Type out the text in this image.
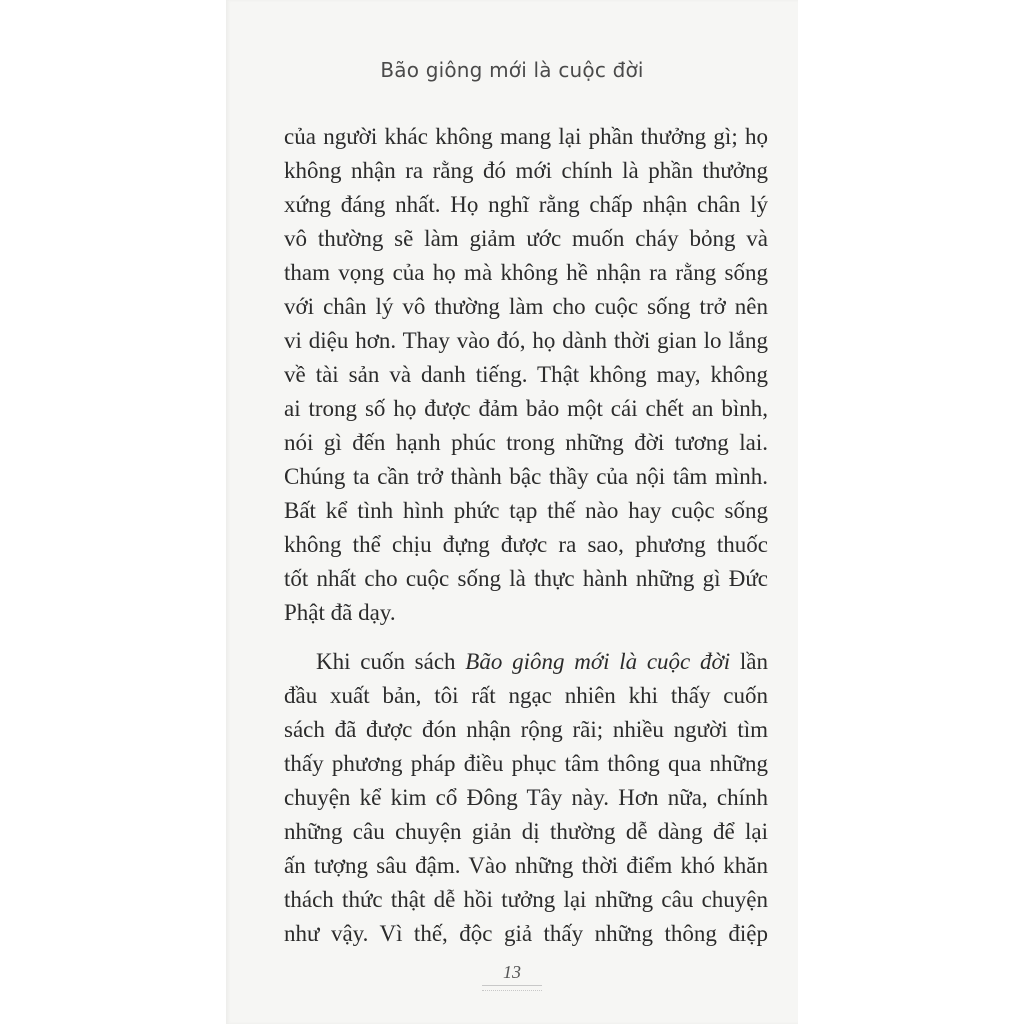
Bão giông mới là cuộc đời
của người khác không mang lại phần thưởng gì; họ
không nhận ra rằng đó mới chính là phần thưởng
xứng đáng nhất. Họ nghĩ rằng chấp nhận chân lý
vô thường sẽ làm giảm ước muốn cháy bỏng và
tham vọng của họ mà không hề nhận ra rằng sống
với chân lý vô thường làm cho cuộc sống trở nên
vi diệu hơn. Thay vào đó, họ dành thời gian lo lắng
về tài sản và danh tiếng. Thật không may, không
ai trong số họ được đảm bảo một cái chết an bình,
nói gì đến hạnh phúc trong những đời tương lai.
Chúng ta cần trở thành bậc thầy của nội tâm mình.
Bất kể tình hình phức tạp thế nào hay cuộc sống
không thể chịu đựng được ra sao, phương thuốc
tốt nhất cho cuộc sống là thực hành những gì Đức
Phật đã dạy.
Khi cuốn sách Bão giông mới là cuộc đời lần
đầu xuất bản, tôi rất ngạc nhiên khi thấy cuốn
sách đã được đón nhận rộng rãi; nhiều người tìm
thấy phương pháp điều phục tâm thông qua những
chuyện kể kim cổ Đông Tây này. Hơn nữa, chính
những câu chuyện giản dị thường dễ dàng để lại
ấn tượng sâu đậm. Vào những thời điểm khó khăn
thách thức thật dễ hồi tưởng lại những câu chuyện
như vậy. Vì thế, độc giả thấy những thông điệp
13
